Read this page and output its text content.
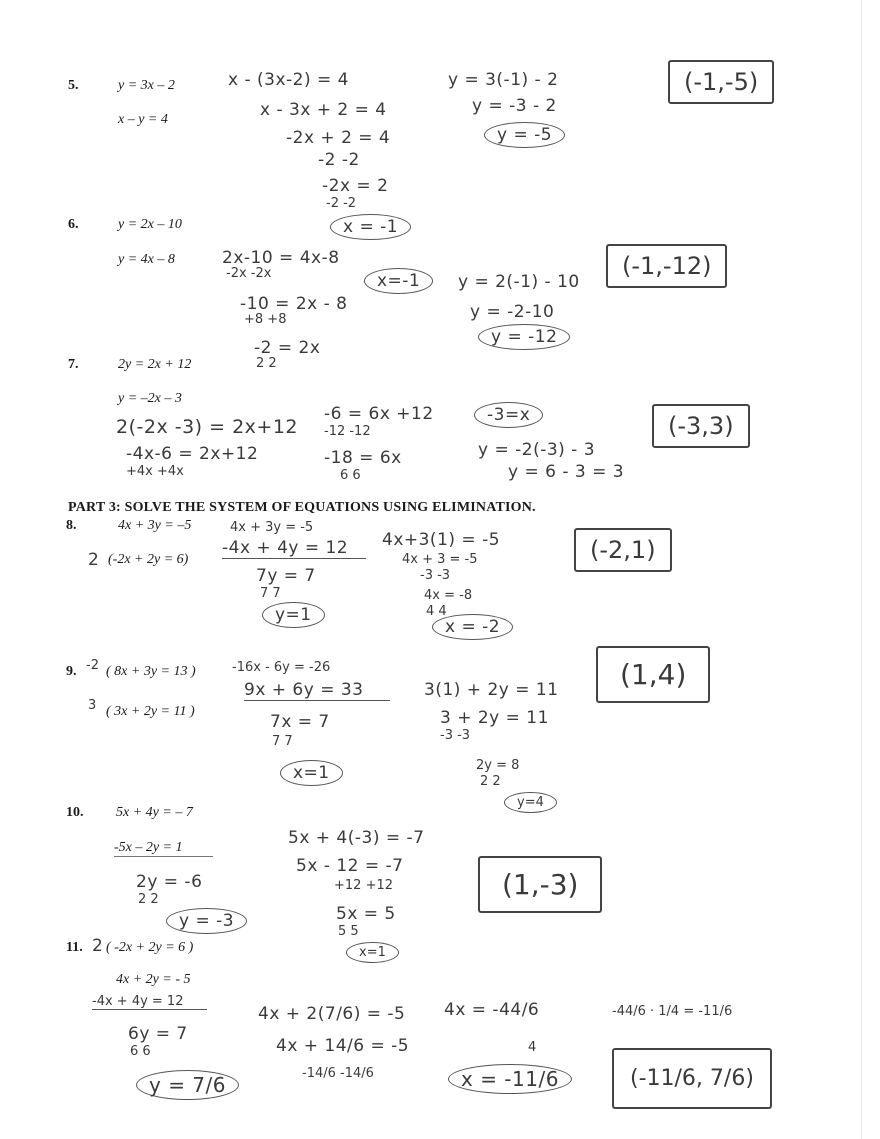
5.	y = 3x – 2
x – y = 4
x - (3x-2) = 4
x - 3x + 2 = 4
-2x + 2 = 4
-2 -2
-2x = 2
-2 -2
x = -1
y = 3(-1) - 2
y = -3 - 2
y = -5
(-1,-5)
6.	y = 2x – 10
y = 4x – 8	2x-10 = 4x-8
-2x -2x
-10 = 2x - 8
+8 +8
-2 = 2x
2 2
x=-1	y = 2(-1) - 10
y = -2-10
y = -12
(-1,-12)
7.	2y = 2x + 12
y = –2x – 3
2(-2x -3) = 2x+12
-4x-6 = 2x+12
+4x +4x
-6 = 6x +12
-12 -12
-18 = 6x
6 6
-3=x
y = -2(-3) - 3
y = 6 - 3 = 3
(-3,3)
PART 3: SOLVE THE SYSTEM OF EQUATIONS USING ELIMINATION.
8.	4x + 3y = –5
2 (-2x + 2y = 6)
4x + 3y = -5
-4x + 4y = 12
7y = 7
7 7
y=1
4x+3(1) = -5
4x + 3 = -5
-3 -3
4x = -8
4 4
x = -2
(-2,1)
9. -2 ( 8x + 3y = 13 )
3 ( 3x + 2y = 11 )
-16x - 6y = -26
9x + 6y = 33
7x = 7
7 7
x=1
3(1) + 2y = 11
3 + 2y = 11
-3 -3
2y = 8
2 2
y=4
(1,4)
10. 5x + 4y = – 7
-5x – 2y = 1
2y = -6
2 2
y = -3
5x + 4(-3) = -7
5x - 12 = -7
+12 +12
5x = 5
5 5
x=1
(1,-3)
11. 2 ( -2x + 2y = 6 )
4x + 2y = - 5
-4x + 4y = 12
6y = 7
6 6
y = 7/6
4x + 2(7/6) = -5
4x + 14/6 = -5
-14/6 -14/6
4x = -44/6
4
x = -11/6
-44/6 · 1/4 = -11/6
(-11/6, 7/6)
